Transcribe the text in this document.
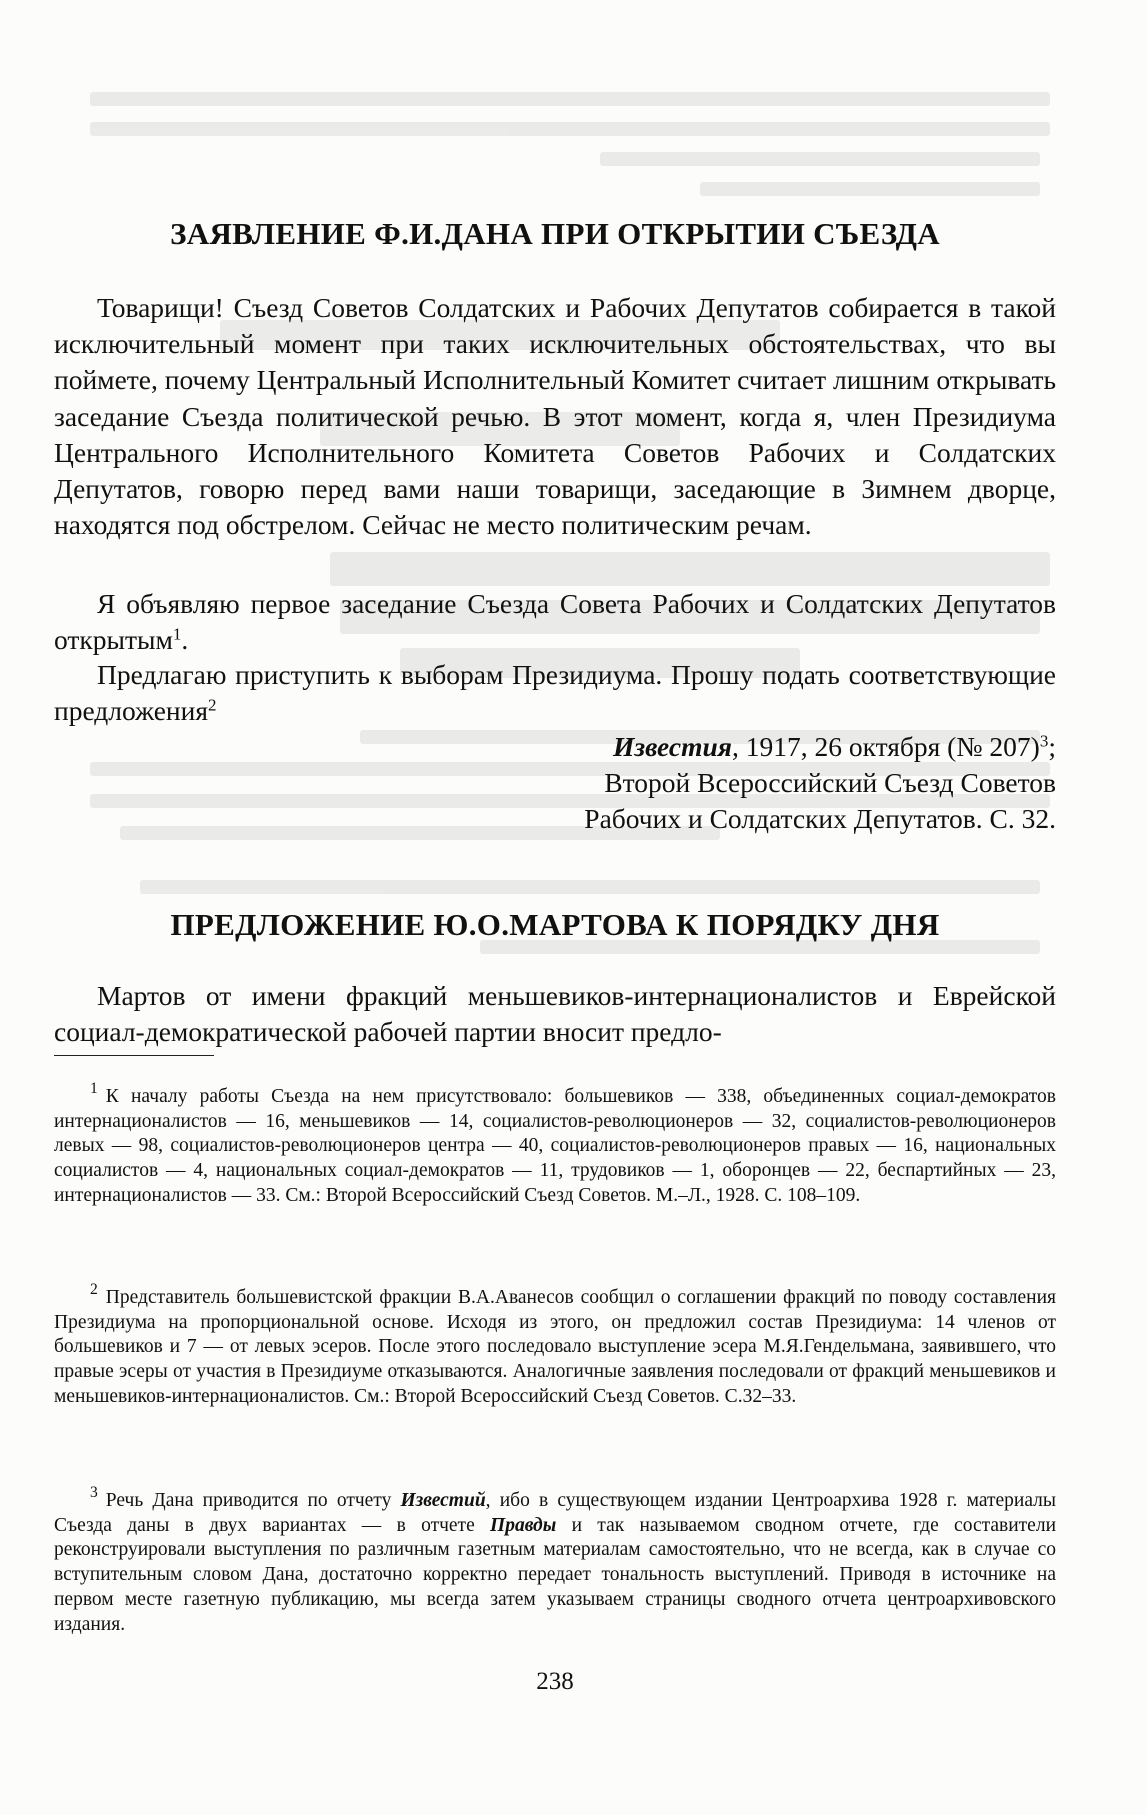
ЗАЯВЛЕНИЕ Ф.И.ДАНА ПРИ ОТКРЫТИИ СЪЕЗДА

Товарищи! Съезд Советов Солдатских и Рабочих Депутатов собирается в такой исключительный момент при таких исключительных обстоятельствах, что вы поймете, почему Центральный Исполнительный Комитет считает лишним открывать заседание Съезда политической речью. В этот момент, когда я, член Президиума Центрального Исполнительного Комитета Советов Рабочих и Солдатских Депутатов, говорю перед вами наши товарищи, заседающие в Зимнем дворце, находятся под обстрелом. Сейчас не место политическим речам.

Я объявляю первое заседание Съезда Совета Рабочих и Солдатских Депутатов открытым$^1$.

Предлагаю приступить к выборам Президиума. Прошу подать соответствующие предложения$^2$

Известия, 1917, 26 октября (№ 207)$^3$;
Второй Всероссийский Съезд Советов
Рабочих и Солдатских Депутатов. С. 32.
ПРЕДЛОЖЕНИЕ Ю.О.МАРТОВА К ПОРЯДКУ ДНЯ

Мартов от имени фракций меньшевиков-интернационалистов и Еврейской социал-демократической рабочей партии вносит предло-

$^1$ К началу работы Съезда на нем присутствовало: большевиков — 338, объединенных социал-демократов интернационалистов — 16, меньшевиков — 14, социалистов-революционеров — 32, социалистов-революционеров левых — 98, социалистов-революционеров центра — 40, социалистов-революционеров правых — 16, национальных социалистов — 4, национальных социал-демократов — 11, трудовиков — 1, оборонцев — 22, беспартийных — 23, интернационалистов — 33. См.: Второй Всероссийский Съезд Советов. М.–Л., 1928. С. 108–109.

$^2$ Представитель большевистской фракции В.А.Аванесов сообщил о соглашении фракций по поводу составления Президиума на пропорциональной основе. Исходя из этого, он предложил состав Президиума: 14 членов от большевиков и 7 — от левых эсеров. После этого последовало выступление эсера М.Я.Гендельмана, заявившего, что правые эсеры от участия в Президиуме отказываются. Аналогичные заявления последовали от фракций меньшевиков и меньшевиков-интернационалистов. См.: Второй Всероссийский Съезд Советов. С.32–33.

$^3$ Речь Дана приводится по отчету Известий, ибо в существующем издании Центроархива 1928 г. материалы Съезда даны в двух вариантах — в отчете Правды и так называемом сводном отчете, где составители реконструировали выступления по различным газетным материалам самостоятельно, что не всегда, как в случае со вступительным словом Дана, достаточно корректно передает тональность выступлений. Приводя в источнике на первом месте газетную публикацию, мы всегда затем указываем страницы сводного отчета центроархивовского издания.

238
